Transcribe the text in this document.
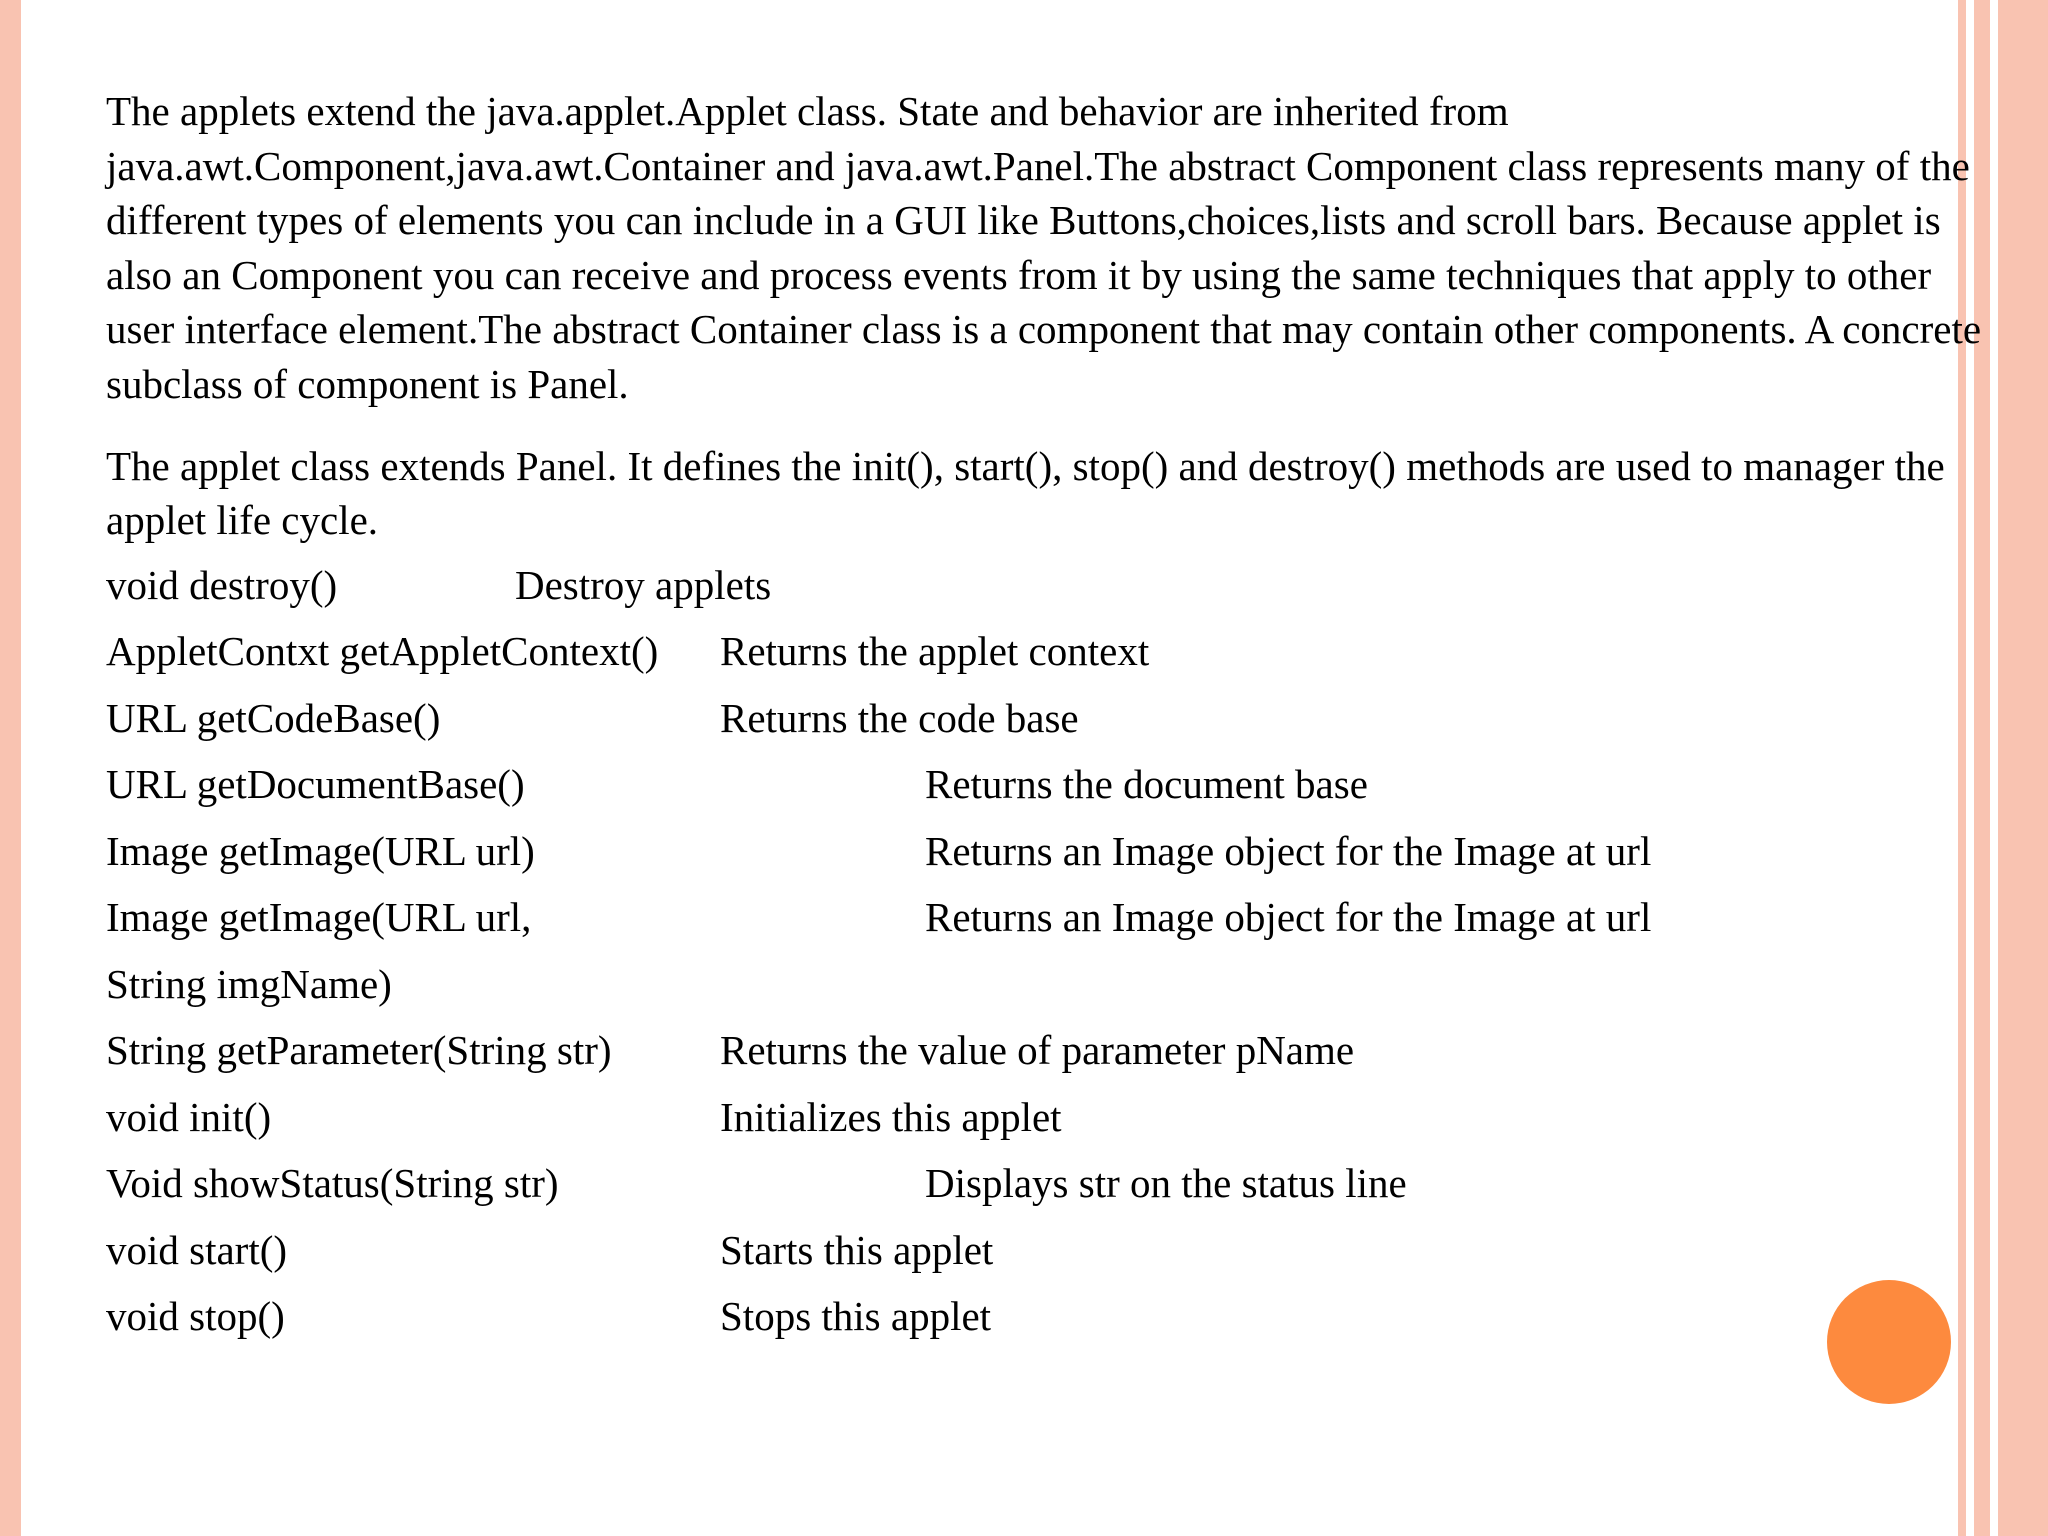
The applets extend the java.applet.Applet class. State and behavior are inherited from java.awt.Component,java.awt.Container and java.awt.Panel.The abstract Component class represents many of the different types of elements you can include in a GUI like Buttons,choices,lists and scroll bars. Because applet is also an Component you can receive and process events from it by using the same techniques that apply to other user interface element.The abstract Container class is a component that may contain other components. A concrete subclass of component is Panel.

The applet class extends Panel. It defines the init(), start(), stop() and destroy() methods are used to manager the applet life cycle.

void destroy()	Destroy applets
AppletContxt getAppletContext() Returns the applet context
URL getCodeBase()	Returns the code base
URL getDocumentBase()	Returns the document base
Image getImage(URL url)	Returns an Image object for the Image at url
Image getImage(URL url,	Returns an Image object for the Image at url
String imgName)
String getParameter(String str)	Returns the value of parameter pName
void init()	Initializes this applet
Void showStatus(String str)	Displays str on the status line
void start()	Starts this applet
void stop()	Stops this applet
